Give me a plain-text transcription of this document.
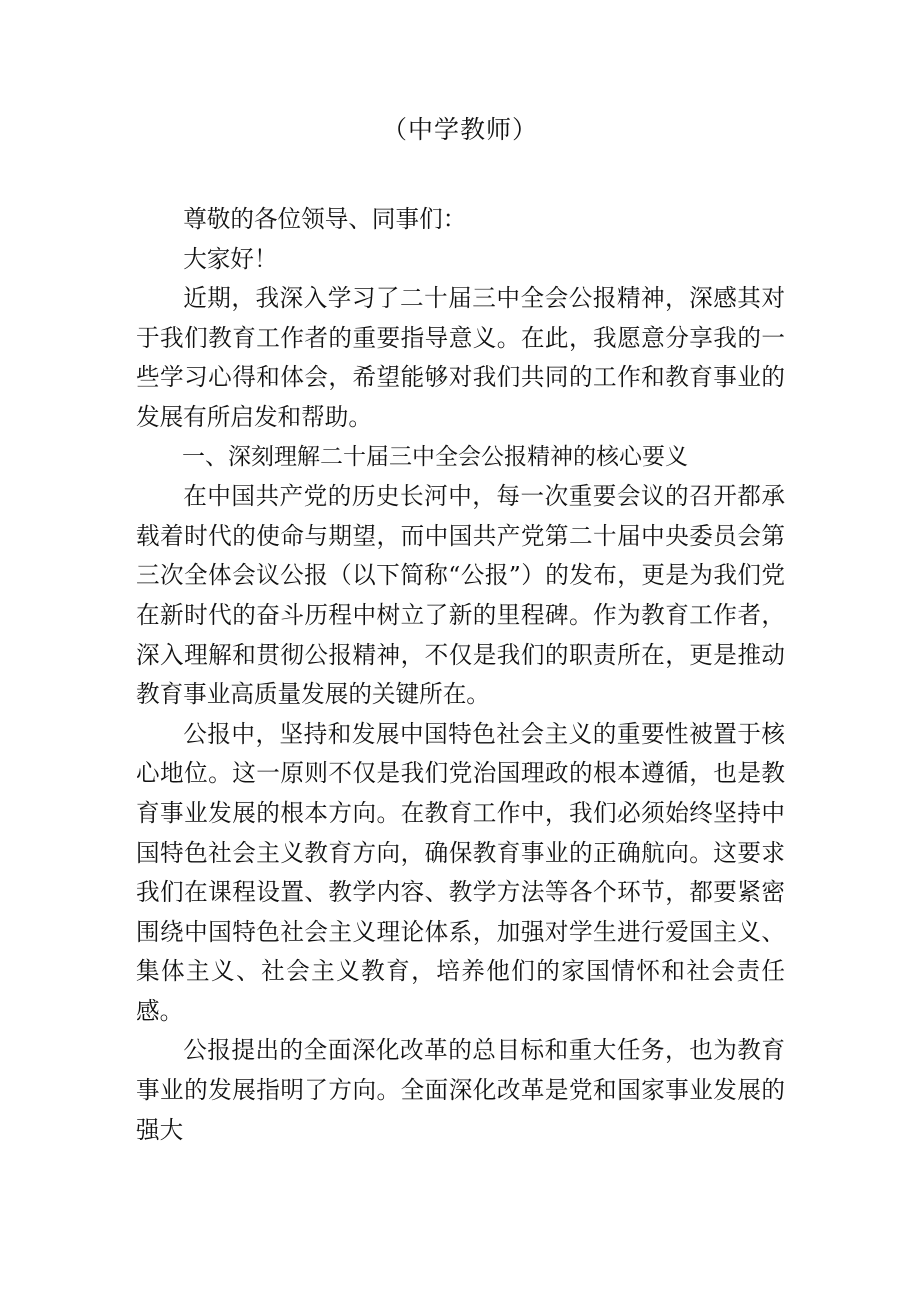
（中学教师）

尊敬的各位领导、同事们：

大家好！

近期，我深入学习了二十届三中全会公报精神，深感其对于我们教育工作者的重要指导意义。在此，我愿意分享我的一些学习心得和体会，希望能够对我们共同的工作和教育事业的发展有所启发和帮助。

一、深刻理解二十届三中全会公报精神的核心要义

在中国共产党的历史长河中，每一次重要会议的召开都承载着时代的使命与期望，而中国共产党第二十届中央委员会第三次全体会议公报（以下简称“公报”）的发布，更是为我们党在新时代的奋斗历程中树立了新的里程碑。作为教育工作者，深入理解和贯彻公报精神，不仅是我们的职责所在，更是推动教育事业高质量发展的关键所在。

公报中，坚持和发展中国特色社会主义的重要性被置于核心地位。这一原则不仅是我们党治国理政的根本遵循，也是教育事业发展的根本方向。在教育工作中，我们必须始终坚持中国特色社会主义教育方向，确保教育事业的正确航向。这要求我们在课程设置、教学内容、教学方法等各个环节，都要紧密围绕中国特色社会主义理论体系，加强对学生进行爱国主义、集体主义、社会主义教育，培养他们的家国情怀和社会责任感。

公报提出的全面深化改革的总目标和重大任务，也为教育事业的发展指明了方向。全面深化改革是党和国家事业发展的强大
